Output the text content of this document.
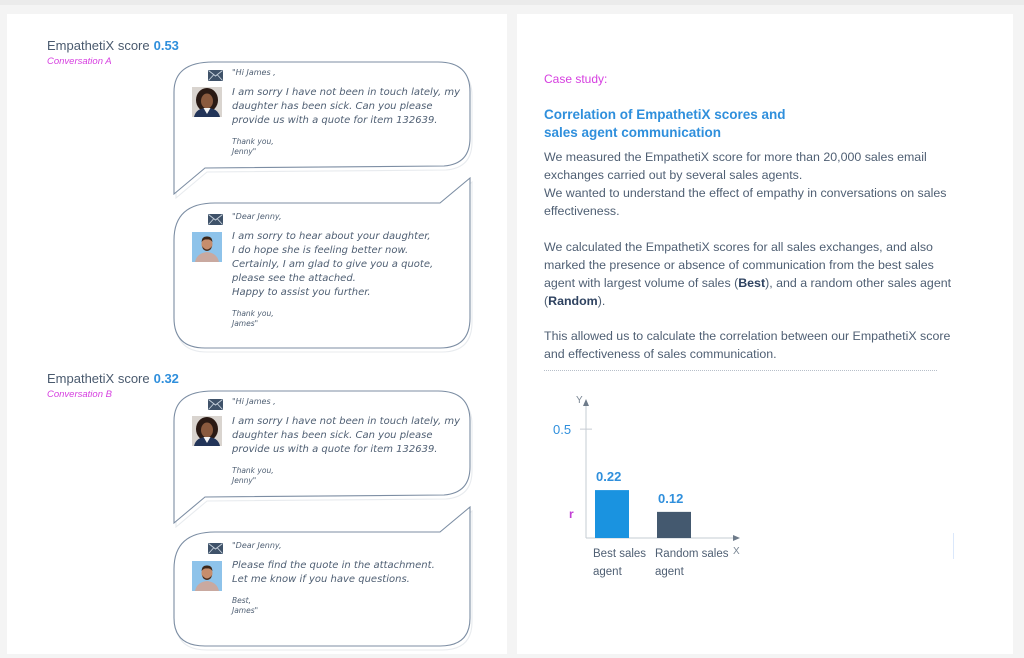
EmpathetiX score 0.53
Conversation A
"Hi James ,
I am sorry I have not been in touch lately, my daughter has been sick. Can you please provide us with a quote for item 132639.
Thank you,
Jenny"
"Dear Jenny,
I am sorry to hear about your daughter,
I do hope she is feeling better now.
Certainly, I am glad to give you a quote,
please see the attached.
Happy to assist you further.
Thank you,
James"
EmpathetiX score 0.32
Conversation B
"Hi James ,
I am sorry I have not been in touch lately, my daughter has been sick. Can you please provide us with a quote for item 132639.
Thank you,
Jenny"
"Dear Jenny,
Please find the quote in the attachment.
Let me know if you have questions.
Best,
James"
Case study:
Correlation of EmpathetiX scores and
sales agent communication
We measured the EmpathetiX score for more than 20,000 sales email exchanges carried out by several sales agents.
We wanted to understand the effect of empathy in conversations on sales effectiveness.
We calculated the EmpathetiX scores for all sales exchanges, and also marked the presence or absence of communication from the best sales agent with largest volume of sales (Best), and a random other sales agent (Random).
This allowed us to calculate the correlation between our EmpathetiX score and effectiveness of sales communication.
Y
X
0.5
r
0.22
Best sales
agent
0.12
Random sales
agent
